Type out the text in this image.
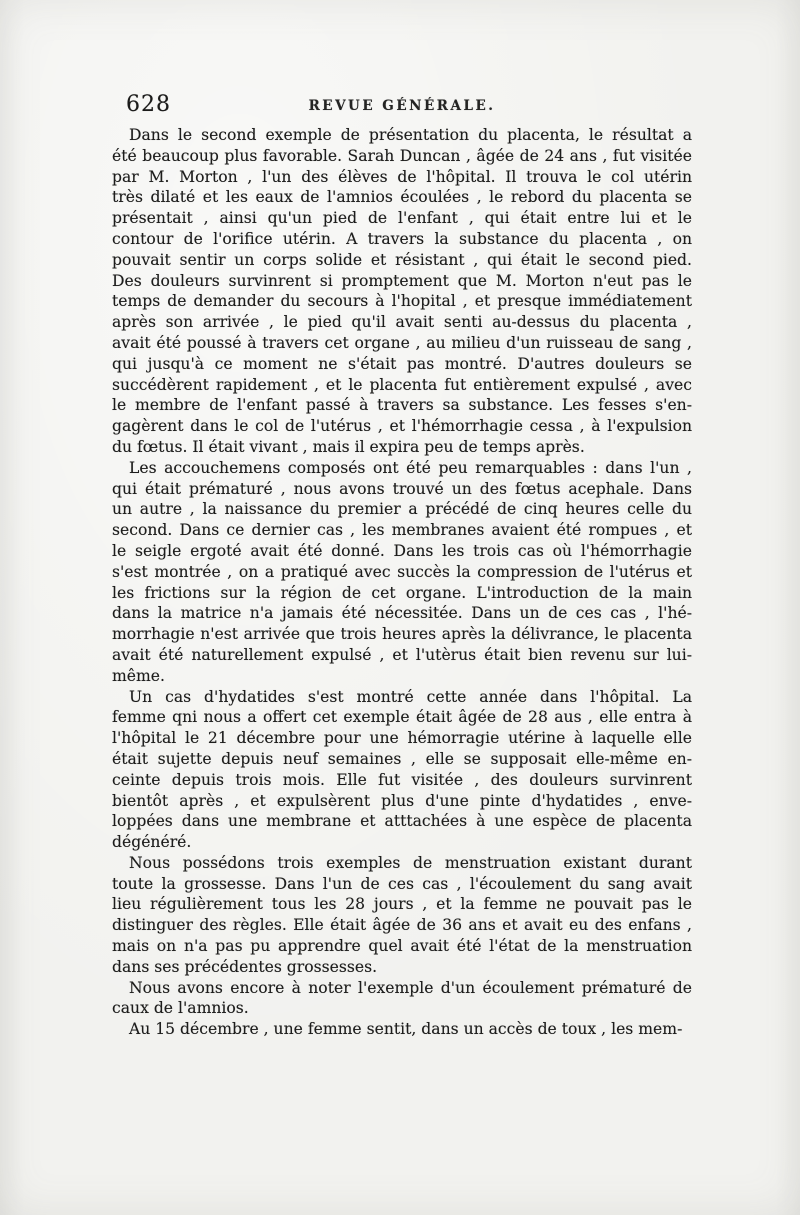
628	REVUE GÉNÉRALE.
Dans le second exemple de présentation du placenta, le résultat a
été beaucoup plus favorable. Sarah Duncan , âgée de 24 ans , fut visitée
par M. Morton , l'un des élèves de l'hôpital. Il trouva le col utérin
très dilaté et les eaux de l'amnios écoulées , le rebord du placenta se
présentait , ainsi qu'un pied de l'enfant , qui était entre lui et le
contour de l'orifice utérin. A travers la substance du placenta , on
pouvait sentir un corps solide et résistant , qui était le second pied.
Des douleurs survinrent si promptement que M. Morton n'eut pas le
temps de demander du secours à l'hopital , et presque immédiatement
après son arrivée , le pied qu'il avait senti au-dessus du placenta ,
avait été poussé à travers cet organe , au milieu d'un ruisseau de sang ,
qui jusqu'à ce moment ne s'était pas montré. D'autres douleurs se
succédèrent rapidement , et le placenta fut entièrement expulsé , avec
le membre de l'enfant passé à travers sa substance. Les fesses s'en-
gagèrent dans le col de l'utérus , et l'hémorrhagie cessa , à l'expulsion
du fœtus. Il était vivant , mais il expira peu de temps après.
Les accouchemens composés ont été peu remarquables : dans l'un ,
qui était prématuré , nous avons trouvé un des fœtus acephale. Dans
un autre , la naissance du premier a précédé de cinq heures celle du
second. Dans ce dernier cas , les membranes avaient été rompues , et
le seigle ergoté avait été donné. Dans les trois cas où l'hémorrhagie
s'est montrée , on a pratiqué avec succès la compression de l'utérus et
les frictions sur la région de cet organe. L'introduction de la main
dans la matrice n'a jamais été nécessitée. Dans un de ces cas , l'hé-
morrhagie n'est arrivée que trois heures après la délivrance, le placenta
avait été naturellement expulsé , et l'utèrus était bien revenu sur lui-
même.
Un cas d'hydatides s'est montré cette année dans l'hôpital. La
femme qni nous a offert cet exemple était âgée de 28 aus , elle entra à
l'hôpital le 21 décembre pour une hémorragie utérine à laquelle elle
était sujette depuis neuf semaines , elle se supposait elle-même en-
ceinte depuis trois mois. Elle fut visitée , des douleurs survinrent
bientôt après , et expulsèrent plus d'une pinte d'hydatides , enve-
loppées dans une membrane et atttachées à une espèce de placenta
dégénéré.
Nous possédons trois exemples de menstruation existant durant
toute la grossesse. Dans l'un de ces cas , l'écoulement du sang avait
lieu régulièrement tous les 28 jours , et la femme ne pouvait pas le
distinguer des règles. Elle était âgée de 36 ans et avait eu des enfans ,
mais on n'a pas pu apprendre quel avait été l'état de la menstruation
dans ses précédentes grossesses.
Nous avons encore à noter l'exemple d'un écoulement prématuré de
caux de l'amnios.
Au 15 décembre , une femme sentit, dans un accès de toux , les mem-
